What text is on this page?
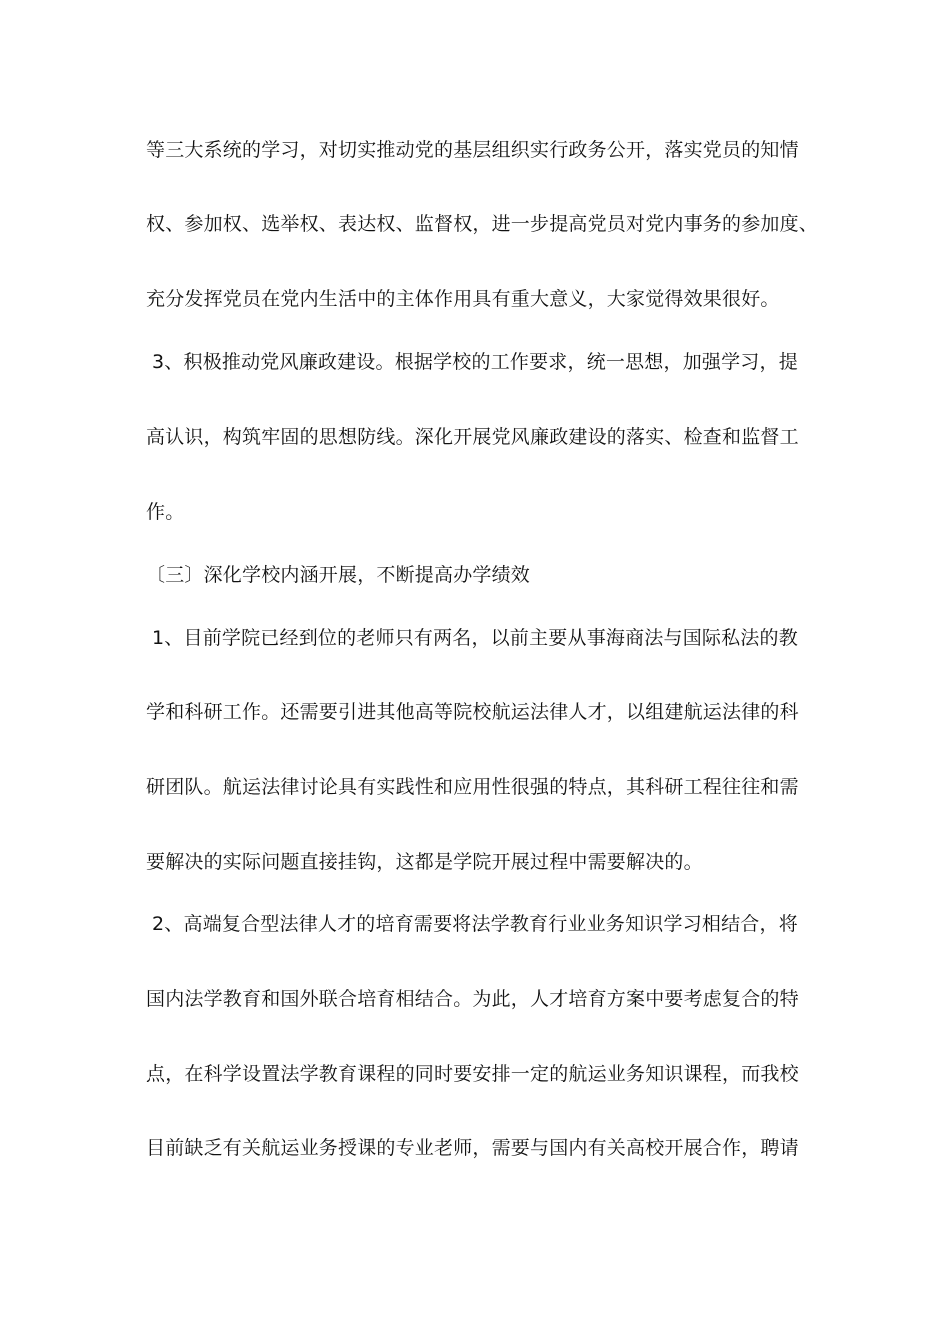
等三大系统的学习，对切实推动党的基层组织实行政务公开，落实党员的知情
权、参加权、选举权、表达权、监督权，进一步提高党员对党内事务的参加度、
充分发挥党员在党内生活中的主体作用具有重大意义，大家觉得效果很好。
3、积极推动党风廉政建设。根据学校的工作要求，统一思想，加强学习，提
高认识，构筑牢固的思想防线。深化开展党风廉政建设的落实、检查和监督工
作。
〔三〕深化学校内涵开展，不断提高办学绩效
1、目前学院已经到位的老师只有两名，以前主要从事海商法与国际私法的教
学和科研工作。还需要引进其他高等院校航运法律人才，以组建航运法律的科
研团队。航运法律讨论具有实践性和应用性很强的特点，其科研工程往往和需
要解决的实际问题直接挂钩，这都是学院开展过程中需要解决的。
2、高端复合型法律人才的培育需要将法学教育行业业务知识学习相结合，将
国内法学教育和国外联合培育相结合。为此，人才培育方案中要考虑复合的特
点，在科学设置法学教育课程的同时要安排一定的航运业务知识课程，而我校
目前缺乏有关航运业务授课的专业老师，需要与国内有关高校开展合作，聘请
